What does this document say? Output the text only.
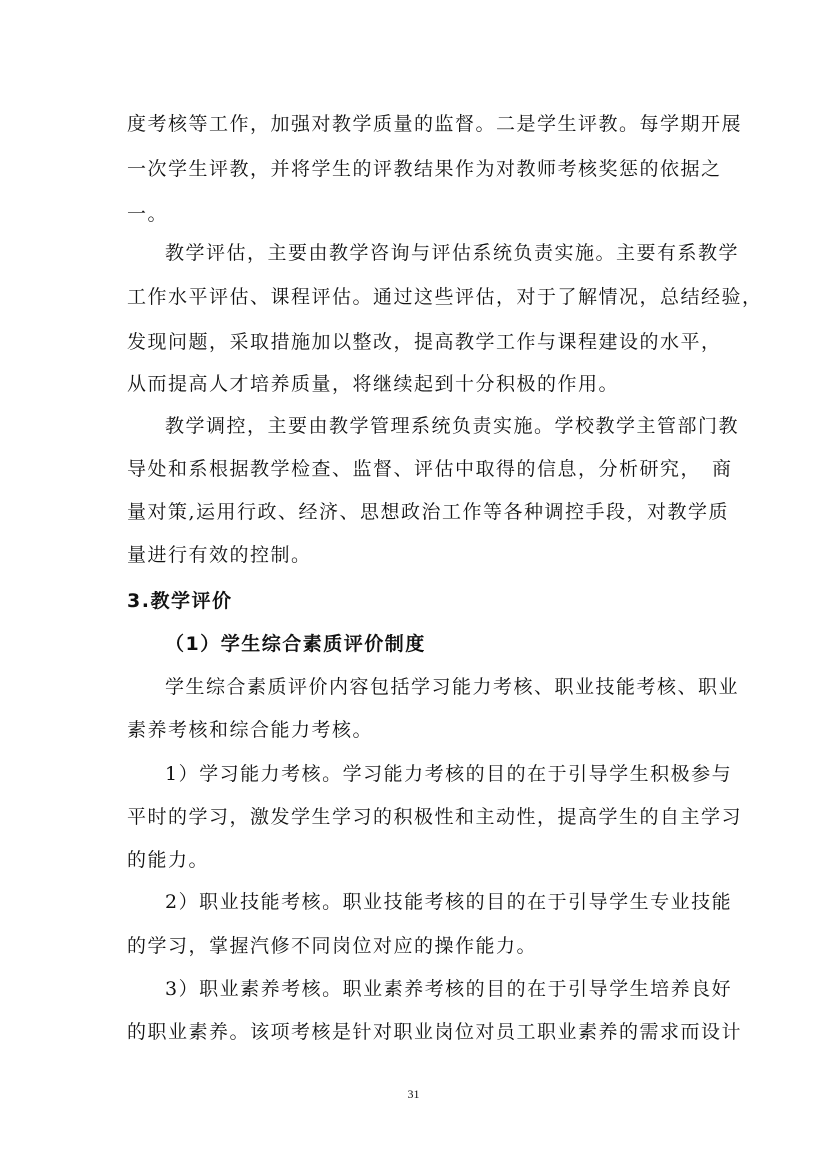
度考核等工作，加强对教学质量的监督。二是学生评教。每学期开展
一次学生评教，并将学生的评教结果作为对教师考核奖惩的依据之
一。
教学评估，主要由教学咨询与评估系统负责实施。主要有系教学
工作水平评估、课程评估。通过这些评估，对于了解情况，总结经验，
发现问题，采取措施加以整改，提高教学工作与课程建设的水平，
从而提高人才培养质量，将继续起到十分积极的作用。
教学调控，主要由教学管理系统负责实施。学校教学主管部门教
导处和系根据教学检查、监督、评估中取得的信息，分析研究，　商
量对策,运用行政、经济、思想政治工作等各种调控手段，对教学质
量进行有效的控制。
3.教学评价
（1）学生综合素质评价制度
学生综合素质评价内容包括学习能力考核、职业技能考核、职业
素养考核和综合能力考核。
1）学习能力考核。学习能力考核的目的在于引导学生积极参与
平时的学习，激发学生学习的积极性和主动性，提高学生的自主学习
的能力。
2）职业技能考核。职业技能考核的目的在于引导学生专业技能
的学习，掌握汽修不同岗位对应的操作能力。
3）职业素养考核。职业素养考核的目的在于引导学生培养良好
的职业素养。该项考核是针对职业岗位对员工职业素养的需求而设计
31
